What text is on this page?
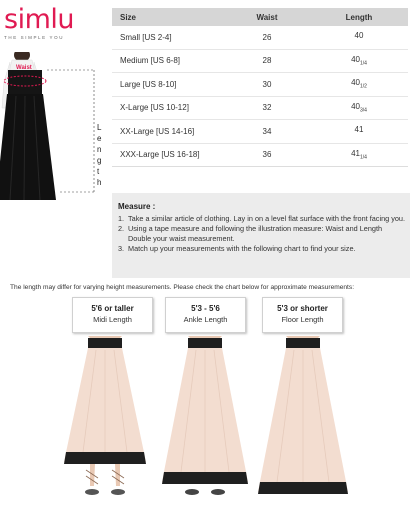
simlu
THE SIMPLE YOU
Waist
L
e
n
g
t
h
Size	Waist	Length
Small [US 2-4]	26	40
Medium [US 6-8]	28	$40_{1/4}$
Large [US 8-10]	30	$40_{1/2}$
X-Large [US 10-12]	32	$40_{3/4}$
XX-Large [US 14-16]	34	41
XXX-Large [US 16-18]	36	$41_{1/4}$
Measure :
1. Take a similar article of clothing. Lay in on a level flat surface with the front facing you.
2. Using a tape measure and following the illustration measure: Waist and Length Double your waist measurement.
3. Match up your measurements with the following chart to find your size.
The length may differ for varying height measurements. Please check the chart below for approximate measurements:
5'6 or taller
Midi Length
5'3 - 5'6
Ankle Length
5'3 or shorter
Floor Length
